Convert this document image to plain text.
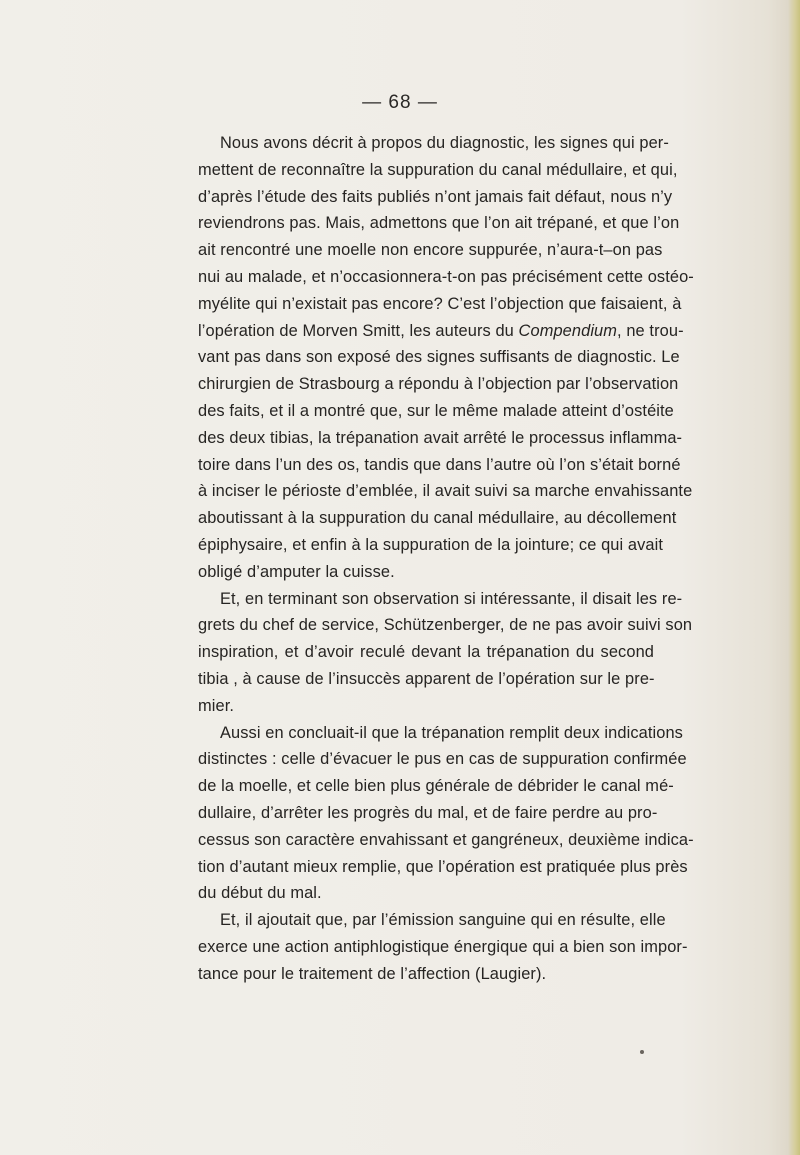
— 68 —
Nous avons décrit à propos du diagnostic, les signes qui per-
mettent de reconnaître la suppuration du canal médullaire, et qui,
d’après l’étude des faits publiés n’ont jamais fait défaut, nous n’y
reviendrons pas. Mais, admettons que l’on ait trépané, et que l’on
ait rencontré une moelle non encore suppurée, n’aura-t–on pas
nui au malade, et n’occasionnera-t-on pas précisément cette ostéo-
myélite qui n’existait pas encore? C’est l’objection que faisaient, à
l’opération de Morven Smitt, les auteurs du Compendium, ne trou-
vant pas dans son exposé des signes suffisants de diagnostic. Le
chirurgien de Strasbourg a répondu à l’objection par l’observation
des faits, et il a montré que, sur le même malade atteint d’ostéite
des deux tibias, la trépanation avait arrêté le processus inflamma-
toire dans l’un des os, tandis que dans l’autre où l’on s’était borné
à inciser le périoste d’emblée, il avait suivi sa marche envahissante
aboutissant à la suppuration du canal médullaire, au décollement
épiphysaire, et enfin à la suppuration de la jointure; ce qui avait
obligé d’amputer la cuisse.
Et, en terminant son observation si intéressante, il disait les re-
grets du chef de service, Schützenberger, de ne pas avoir suivi son
inspiration, et d’avoir reculé devant la trépanation du second
tibia , à cause de l’insuccès apparent de l’opération sur le pre-
mier.
Aussi en concluait-il que la trépanation remplit deux indications
distinctes : celle d’évacuer le pus en cas de suppuration confirmée
de la moelle, et celle bien plus générale de débrider le canal mé-
dullaire, d’arrêter les progrès du mal, et de faire perdre au pro-
cessus son caractère envahissant et gangréneux, deuxième indica-
tion d’autant mieux remplie, que l’opération est pratiquée plus près
du début du mal.
Et, il ajoutait que, par l’émission sanguine qui en résulte, elle
exerce une action antiphlogistique énergique qui a bien son impor-
tance pour le traitement de l’affection (Laugier).
